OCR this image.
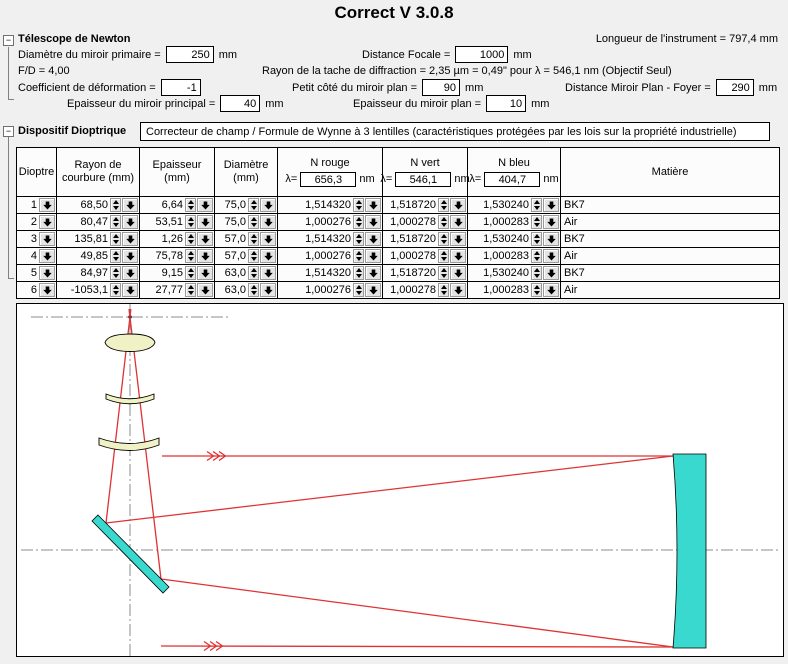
Correct V 3.0.8
− Télescope de Newton	Longueur de l'instrument = 797,4 mm
Diamètre du miroir primaire =
250	mm	Distance Focale =
1000	mm
F/D = 4,00	Rayon de la tache de diffraction = 2,35 µm = 0,49" pour λ = 546,1 nm (Objectif Seul)
Coefficient de déformation =
-1	Petit côté du miroir plan =
90	mm	Distance Miroir Plan - Foyer =
290	mm
Epaisseur du miroir principal =
40	mm	Epaisseur du miroir plan =
10	mm
− Dispositif Dioptrique Correcteur de champ / Formule de Wynne à 3 lentilles (caractéristiques protégées par les lois sur la propriété industrielle)
Dioptre
Rayon de
courbure (mm)
Epaisseur
(mm)
Diamètre
(mm)
N rouge
λ=
656,3	nm
N vert
λ=
546,1	nm
N bleu
λ=
404,7	nm
Matière
1	68,50	6,64	75,0	1,514320	1,518720	1,530240	BK7
2	80,47	53,51	75,0	1,000276	1,000278	1,000283	Air
3	135,81	1,26	57,0	1,514320	1,518720	1,530240	BK7
4	49,85	75,78	57,0	1,000276	1,000278	1,000283	Air
5	84,97	9,15	63,0	1,514320	1,518720	1,530240	BK7
6	-1053,1	27,77	63,0	1,000276	1,000278	1,000283	Air
